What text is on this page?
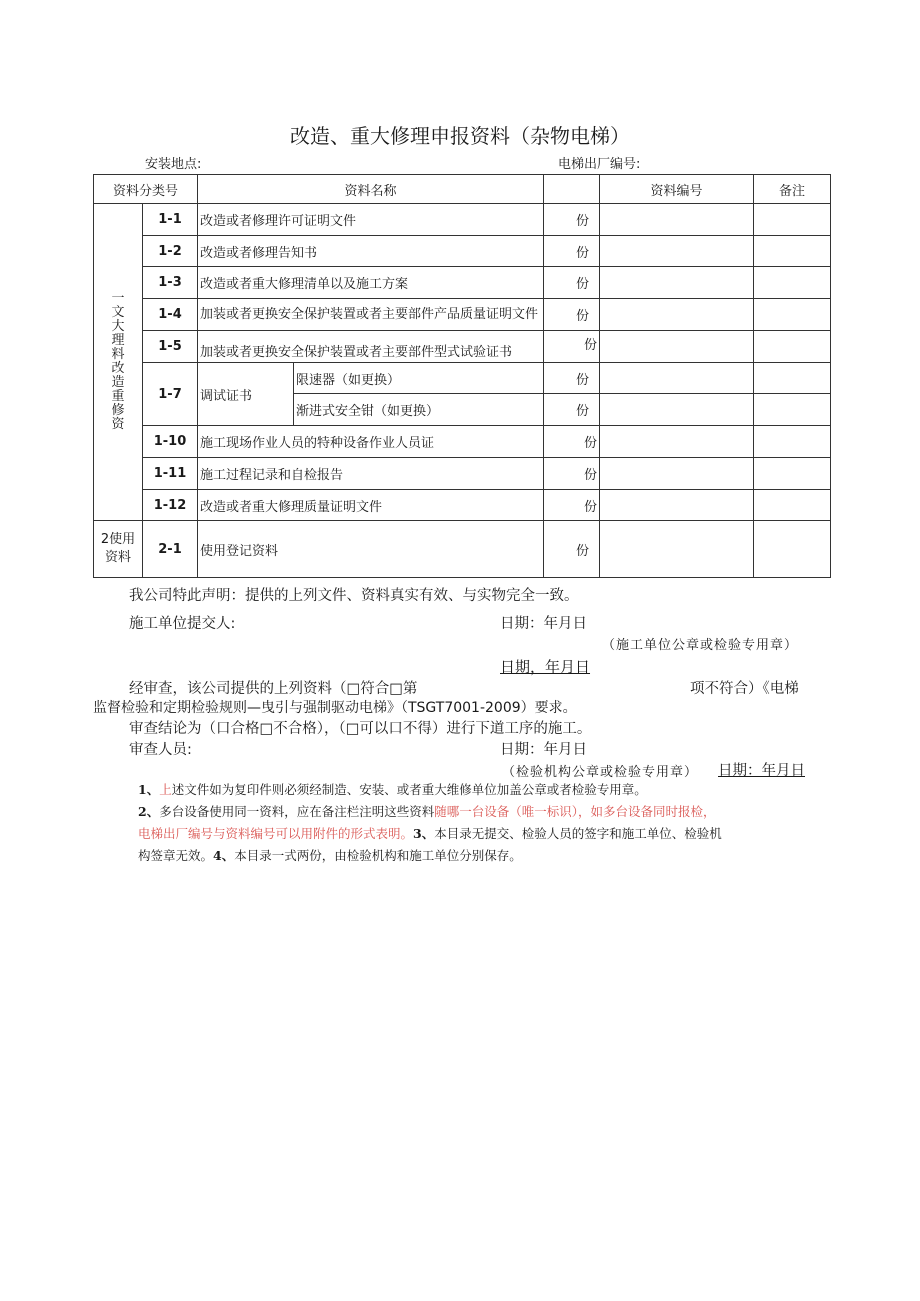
改造、重大修理申报资料（杂物电梯）
安装地点:	电梯出厂编号:
资料分类号		资料名称			资料编号	备注
一文大理料改造重修资	1-1	改造或者修理许可证明文件		份		
	1-2	改造或者修理告知书		份		
	1-3	改造或者重大修理清单以及施工方案		份		
	1-4	加装或者更换安全保护装置或者主要部件产品质量证明文件		份		
	1-5	加装或者更换安全保护装置或者主要部件型式试验证书		份		
	1-7	调试证书	限速器（如更换）	份		
			渐进式安全钳（如更换）	份		
	1-10	施工现场作业人员的特种设备作业人员证		份		
	1-11	施工过程记录和自检报告		份		
	1-12	改造或者重大修理质量证明文件		份		
2使用资料	2-1	使用登记资料		份		
我公司特此声明：提供的上列文件、资料真实有效、与实物完全一致。
施工单位提交人:	日期：年月日
（施工单位公章或检验专用章）
日期，年月日
经审查，该公司提供的上列资料（□符合□第	项不符合）《电梯
监督检验和定期检验规则—曳引与强制驱动电梯》（TSGT7001-2009）要求。
审查结论为（口合格□不合格），（□可以口不得）进行下道工序的施工。
审查人员:	日期：年月日
（检验机构公章或检验专用章） 日期：年月日
1、上述文件如为复印件则必须经制造、安装、或者重大维修单位加盖公章或者检验专用章。
2、多台设备使用同一资料，应在备注栏注明这些资料随哪一台设备（唯一标识），如多台设备同时报检，
电梯出厂编号与资料编号可以用附件的形式表明。3、本目录无提交、检验人员的签字和施工单位、检验机
构签章无效。4、本目录一式两份，由检验机构和施工单位分别保存。
